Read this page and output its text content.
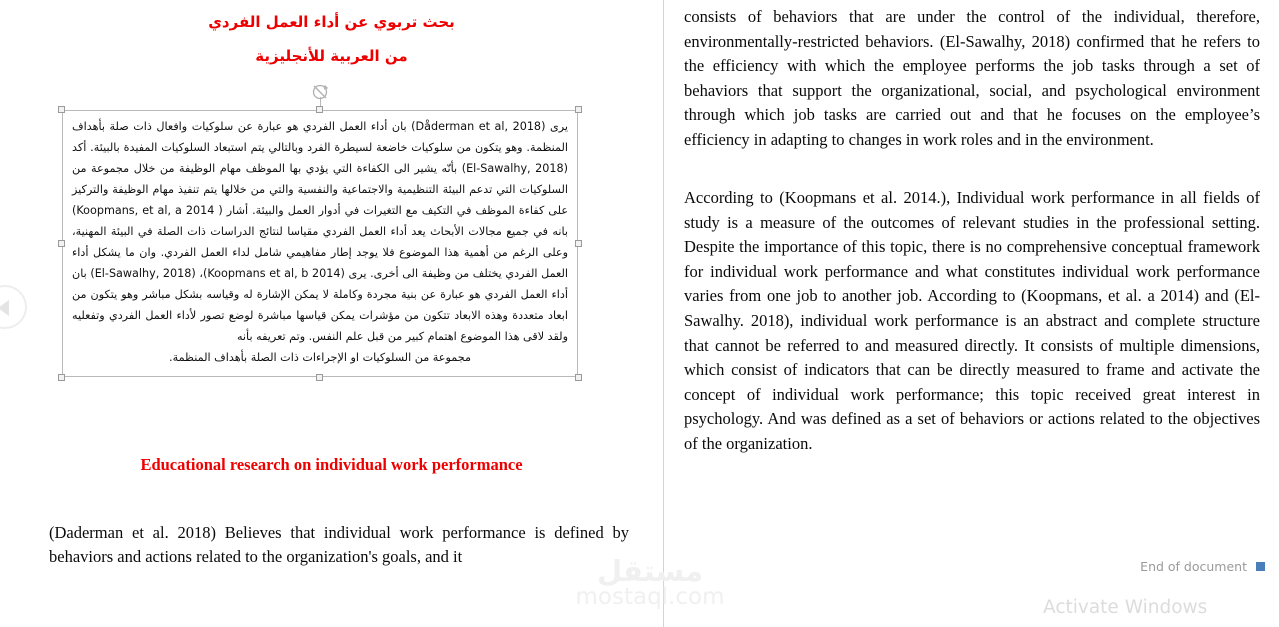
بحث تربوي عن أداء العمل الفردي
من العربية للأنجليزية

يرى (Dåderman et al, 2018) بان أداء العمل الفردي هو عبارة عن سلوكيات وافعال ذات صلة بأهداف المنظمة. وهو يتكون من سلوكيات خاضعة لسيطرة الفرد وبالتالي يتم استبعاد السلوكيات المفيدة بالبيئة. أكد (El-Sawalhy, 2018) بأنّه يشير الى الكفاءة التي يؤدي بها الموظف مهام الوظيفة من خلال مجموعة من السلوكيات التي تدعم البيئة التنظيمية والاجتماعية والنفسية والتي من خلالها يتم تنفيذ مهام الوظيفة والتركيز على كفاءة الموظف في التكيف مع التغيرات في أدوار العمل والبيئة. أشار ( Koopmans, et al, a 2014) بانه في جميع مجالات الأبحاث يعد أداء العمل الفردي مقياسا لنتائج الدراسات ذات الصلة في البيئة المهنية، وعلى الرغم من أهمية هذا الموضوع فلا يوجد إطار مفاهيمي شامل لداء العمل الفردي. وان ما يشكل أداء العمل الفردي يختلف من وظيفة الى أخرى. يرى (Koopmans et al, b 2014)، (El-Sawalhy, 2018) بان أداء العمل الفردي هو عبارة عن بنية مجردة وكاملة لا يمكن الإشارة له وقياسه بشكل مباشر وهو يتكون من ابعاد متعددة وهذه الابعاد تتكون من مؤشرات يمكن قياسها مباشرة لوضع تصور لأداء العمل الفردي وتفعليه ولقد لاقى هذا الموضوع اهتمام كبير من قبل علم النفس. وتم تعريفه بأنه

مجموعة من السلوكيات او الإجراءات ذات الصلة بأهداف المنظمة.

Educational research on individual work performance

(Daderman et al. 2018) Believes that individual work performance is defined by behaviors and actions related to the organization's goals, and it

consists of behaviors that are under the control of the individual, therefore, environmentally-restricted behaviors. (El-Sawalhy, 2018) confirmed that he refers to the efficiency with which the employee performs the job tasks through a set of behaviors that support the organizational, social, and psychological environment through which job tasks are carried out and that he focuses on the employee’s efficiency in adapting to changes in work roles and in the environment.

According to (Koopmans et al. 2014.), Individual work performance in all fields of study is a measure of the outcomes of relevant studies in the professional setting. Despite the importance of this topic, there is no comprehensive conceptual framework for individual work performance and what constitutes individual work performance varies from one job to another job. According to (Koopmans, et al. a 2014) and (El-Sawalhy. 2018), individual work performance is an abstract and complete structure that cannot be referred to and measured directly. It consists of multiple dimensions, which consist of indicators that can be directly measured to frame and activate the concept of individual work performance; this topic received great interest in psychology. And was defined as a set of behaviors or actions related to the objectives of the organization.

End of document
مستقل
mostaql.com	Activate Windows
